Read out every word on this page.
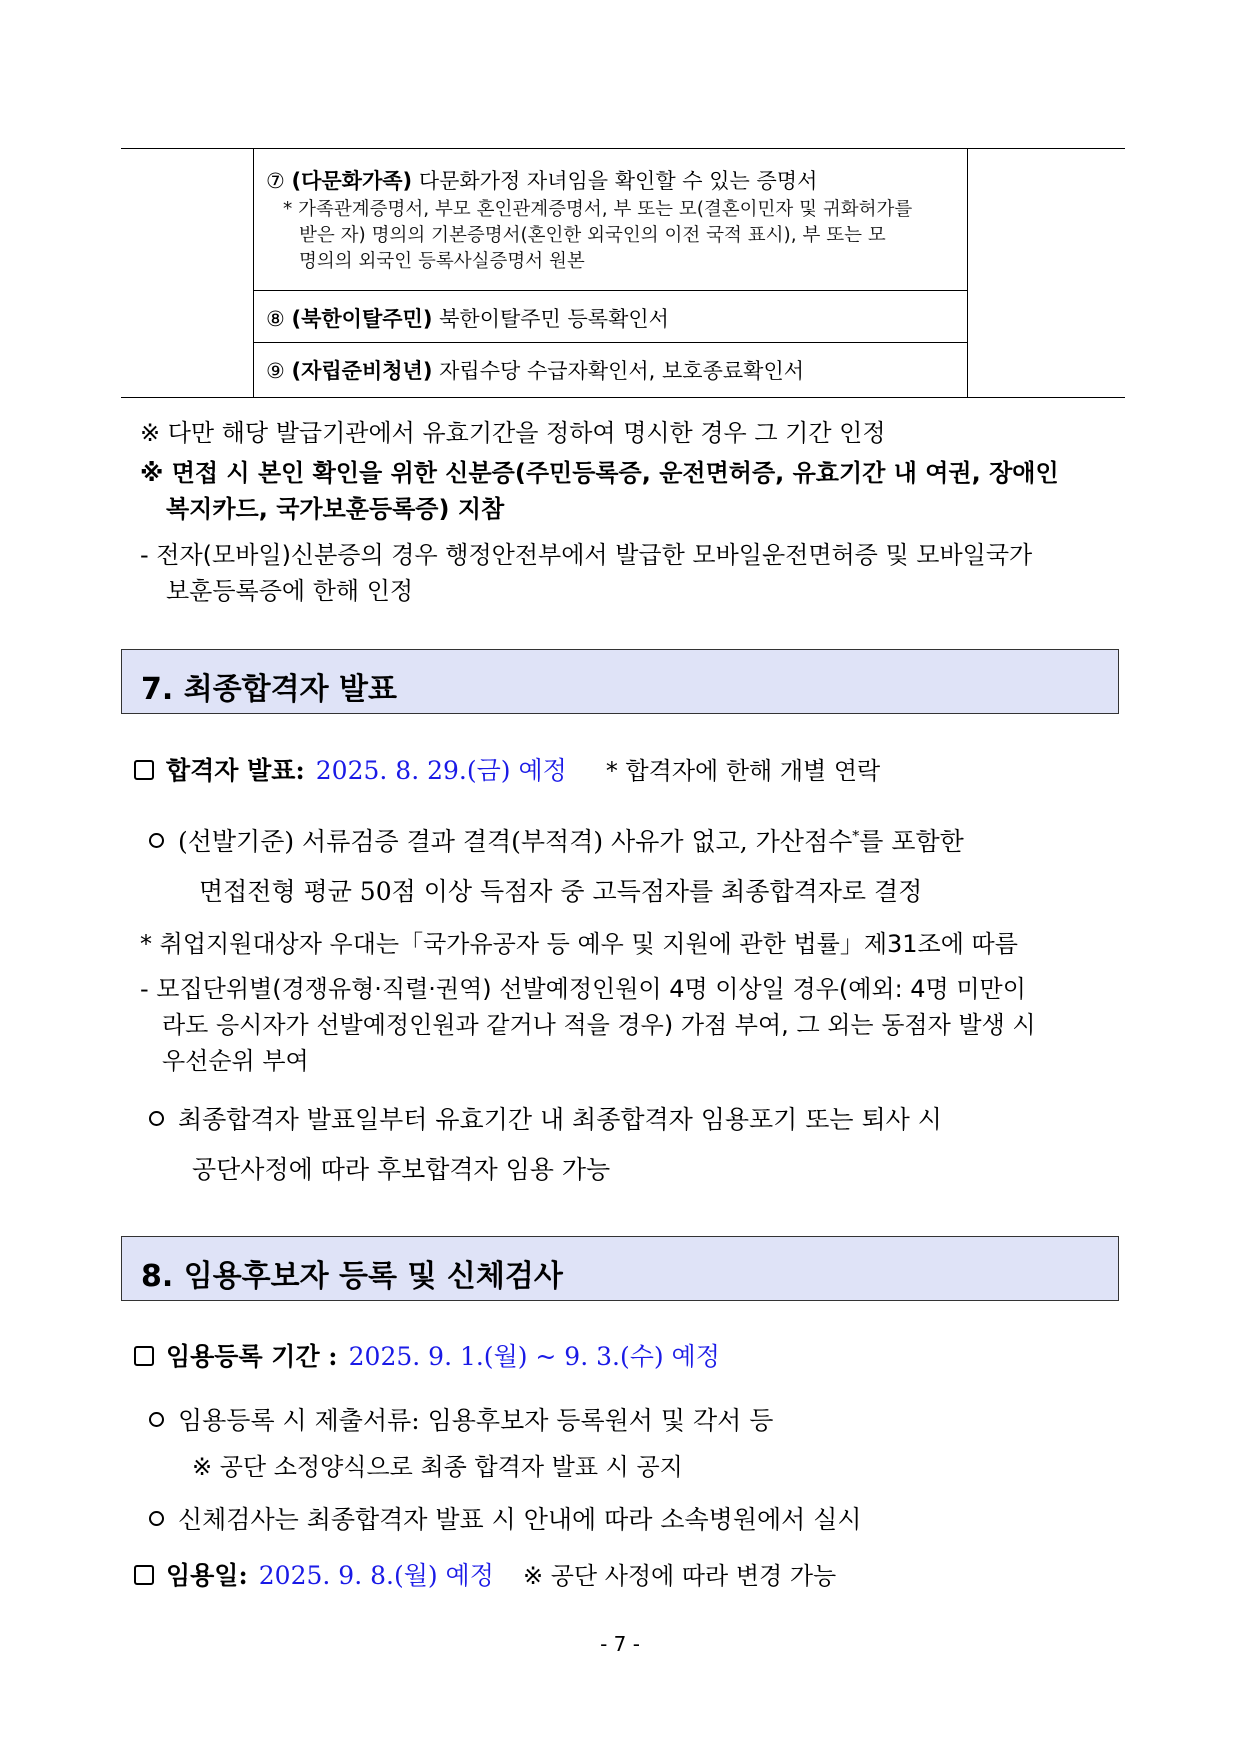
⑦ (다문화가족) 다문화가정 자녀임을 확인할 수 있는 증명서
* 가족관계증명서, 부모 혼인관계증명서, 부 또는 모(결혼이민자 및 귀화허가를
받은 자) 명의의 기본증명서(혼인한 외국인의 이전 국적 표시), 부 또는 모
명의의 외국인 등록사실증명서 원본
⑧ (북한이탈주민) 북한이탈주민 등록확인서
⑨ (자립준비청년) 자립수당 수급자확인서, 보호종료확인서
※ 다만 해당 발급기관에서 유효기간을 정하여 명시한 경우 그 기간 인정
※ 면접 시 본인 확인을 위한 신분증(주민등록증, 운전면허증, 유효기간 내 여권, 장애인
복지카드, 국가보훈등록증) 지참
- 전자(모바일)신분증의 경우 행정안전부에서 발급한 모바일운전면허증 및 모바일국가
보훈등록증에 한해 인정
7. 최종합격자 발표
합격자 발표: 2025. 8. 29.(금) 예정 * 합격자에 한해 개별 연락
(선발기준) 서류검증 결과 결격(부적격) 사유가 없고, 가산점수*를 포함한
면접전형 평균 50점 이상 득점자 중 고득점자를 최종합격자로 결정
* 취업지원대상자 우대는「국가유공자 등 예우 및 지원에 관한 법률」제31조에 따름
- 모집단위별(경쟁유형·직렬·권역) 선발예정인원이 4명 이상일 경우(예외: 4명 미만이
라도 응시자가 선발예정인원과 같거나 적을 경우) 가점 부여, 그 외는 동점자 발생 시
우선순위 부여
최종합격자 발표일부터 유효기간 내 최종합격자 임용포기 또는 퇴사 시
공단사정에 따라 후보합격자 임용 가능
8. 임용후보자 등록 및 신체검사
임용등록 기간 : 2025. 9. 1.(월) ~ 9. 3.(수) 예정
임용등록 시 제출서류: 임용후보자 등록원서 및 각서 등
※ 공단 소정양식으로 최종 합격자 발표 시 공지
신체검사는 최종합격자 발표 시 안내에 따라 소속병원에서 실시
임용일: 2025. 9. 8.(월) 예정 ※ 공단 사정에 따라 변경 가능
- 7 -
